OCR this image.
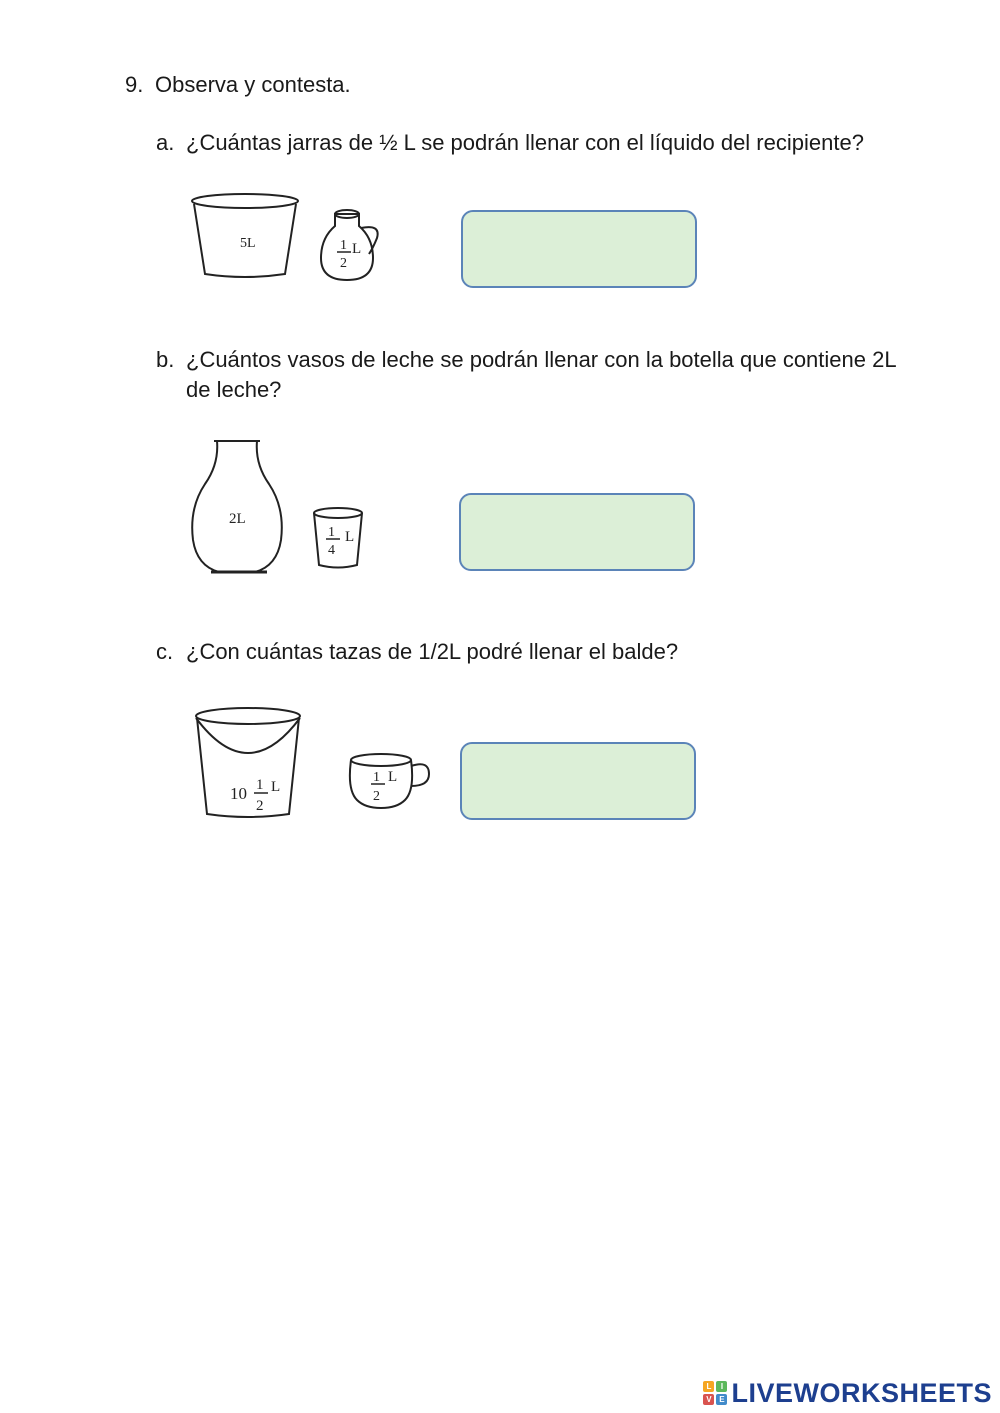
9. Observa y contesta.
a. ¿Cuántas jarras de ½ L se podrán llenar con el líquido del recipiente?
5L	1
2
L
b. ¿Cuántos vasos de leche se podrán llenar con la botella que contiene 2L de leche?
2L
1
4
L
c. ¿Con cuántas tazas de 1/2L podré llenar el balde?
10 1
2
L
1
2
L
L	I
V E LIVEWORKSHEETS
